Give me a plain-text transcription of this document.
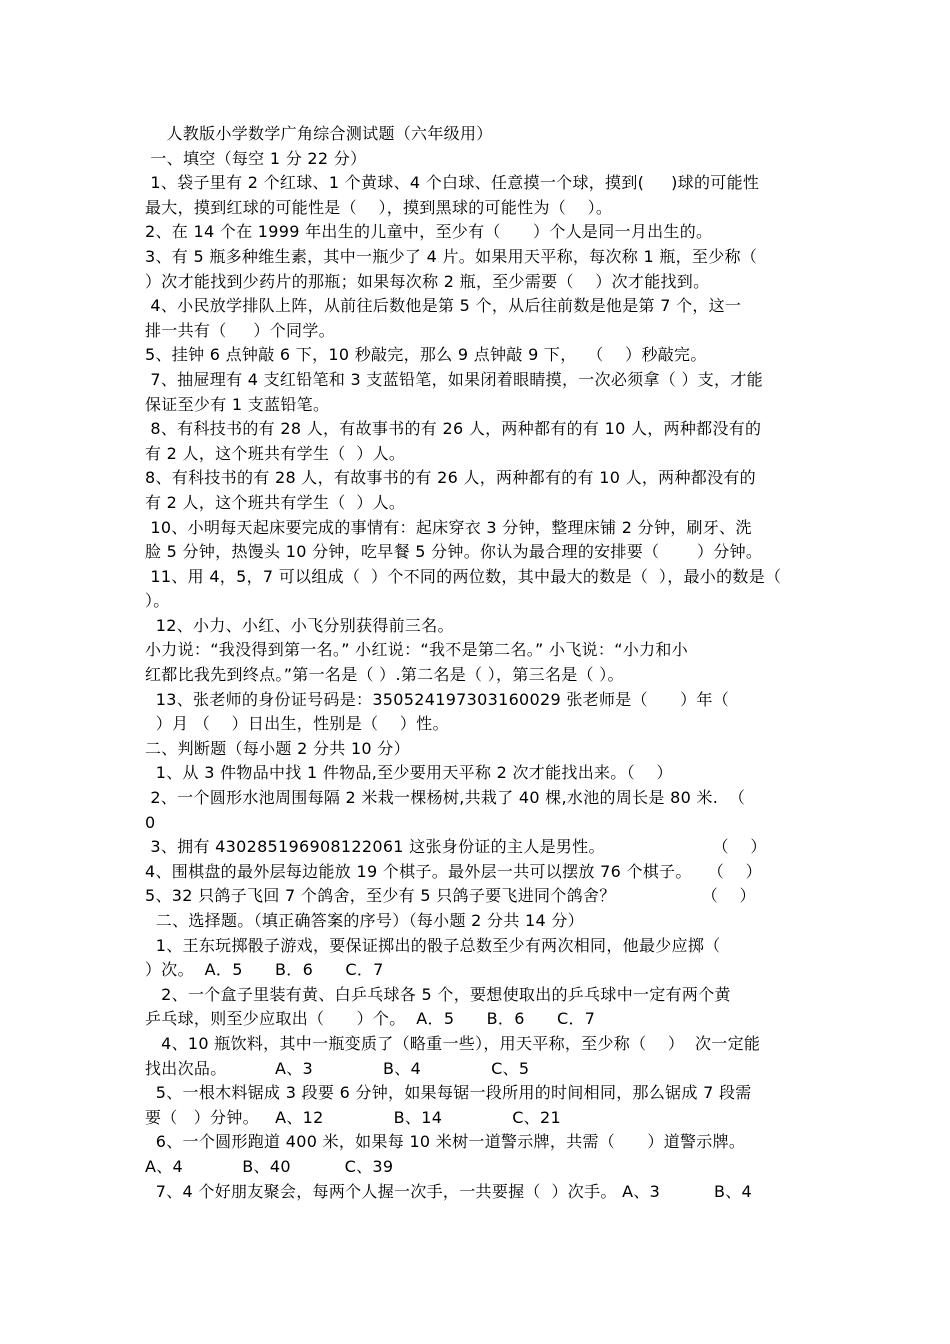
人教版小学数学广角综合测试题（六年级用）
一、填空（每空 1 分 22 分）
1、袋子里有 2 个红球、1 个黄球、4 个白球、任意摸一个球，摸到(     )球的可能性
最大，摸到红球的可能性是（    ），摸到黑球的可能性为（    ）。
2、在 14 个在 1999 年出生的儿童中，至少有（      ）个人是同一月出生的。
3、有 5 瓶多种维生素，其中一瓶少了 4 片。如果用天平称，每次称 1 瓶，至少称（
）次才能找到少药片的那瓶；如果每次称 2 瓶，至少需要（    ）次才能找到。
4、小民放学排队上阵，从前往后数他是第 5 个，从后往前数是他是第 7 个，这一
排一共有（     ）个同学。
5、挂钟 6 点钟敲 6 下，10 秒敲完，那么 9 点钟敲 9 下，  （    ）秒敲完。
7、抽屉理有 4 支红铅笔和 3 支蓝铅笔，如果闭着眼睛摸，一次必须拿（ ）支，才能
保证至少有 1 支蓝铅笔。
8、有科技书的有 28 人，有故事书的有 26 人，两种都有的有 10 人，两种都没有的
有 2 人，这个班共有学生（  ）人。
8、有科技书的有 28 人，有故事书的有 26 人，两种都有的有 10 人，两种都没有的
有 2 人，这个班共有学生（  ）人。
10、小明每天起床要完成的事情有：起床穿衣 3 分钟，整理床铺 2 分钟，刷牙、洗
脸 5 分钟，热馒头 10 分钟，吃早餐 5 分钟。你认为最合理的安排要（       ）分钟。
11、用 4，5，7 可以组成（  ）个不同的两位数，其中最大的数是（  ），最小的数是（
）。
12、小力、小红、小飞分别获得前三名。
小力说：“我没得到第一名。” 小红说：“我不是第二名。” 小飞说：“小力和小
红都比我先到终点。”第一名是（ ）.第二名是（ ），第三名是（ ）。
13、张老师的身份证号码是：350524197303160029 张老师是（      ）年（
）月 （    ）日出生，性别是（    ）性。
二、判断题（每小题 2 分共 10 分）
1、从 3 件物品中找 1 件物品,至少要用天平称 2 次才能找出来。（    ）
2、一个圆形水池周围每隔 2 米栽一棵杨树,共栽了 40 棵,水池的周长是 80 米.  （
0
3、拥有 430285196908122061 这张身份证的主人是男性。                    （    ）
4、围棋盘的最外层每边能放 19 个棋子。最外层一共可以摆放 76 个棋子。   （    ）
5、32 只鸽子飞回 7 个鸽舍，至少有 5 只鸽子要飞进同个鸽舍？                （    ）
二、选择题。（填正确答案的序号）（每小题 2 分共 14 分）
1、王东玩掷骰子游戏，要保证掷出的骰子总数至少有两次相同，他最少应掷（
）次。  A．5      B．6      C．7
2、一个盒子里装有黄、白乒乓球各 5 个，要想使取出的乒乓球中一定有两个黄
乒乓球，则至少应取出（      ）个。  A．5      B．6      C．7
4、10 瓶饮料，其中一瓶变质了（略重一些），用天平称，至少称（    ）  次一定能
找出次品。         A、3             B、4             C、5
5、一根木料锯成 3 段要 6 分钟，如果每锯一段所用的时间相同，那么锯成 7 段需
要（   ）分钟。   A、12             B、14             C、21
6、一个圆形跑道 400 米，如果每 10 米树一道警示牌，共需（      ）道警示牌。
A、4           B、40          C、39
7、4 个好朋友聚会，每两个人握一次手，一共要握（  ）次手。 A、3          B、4
